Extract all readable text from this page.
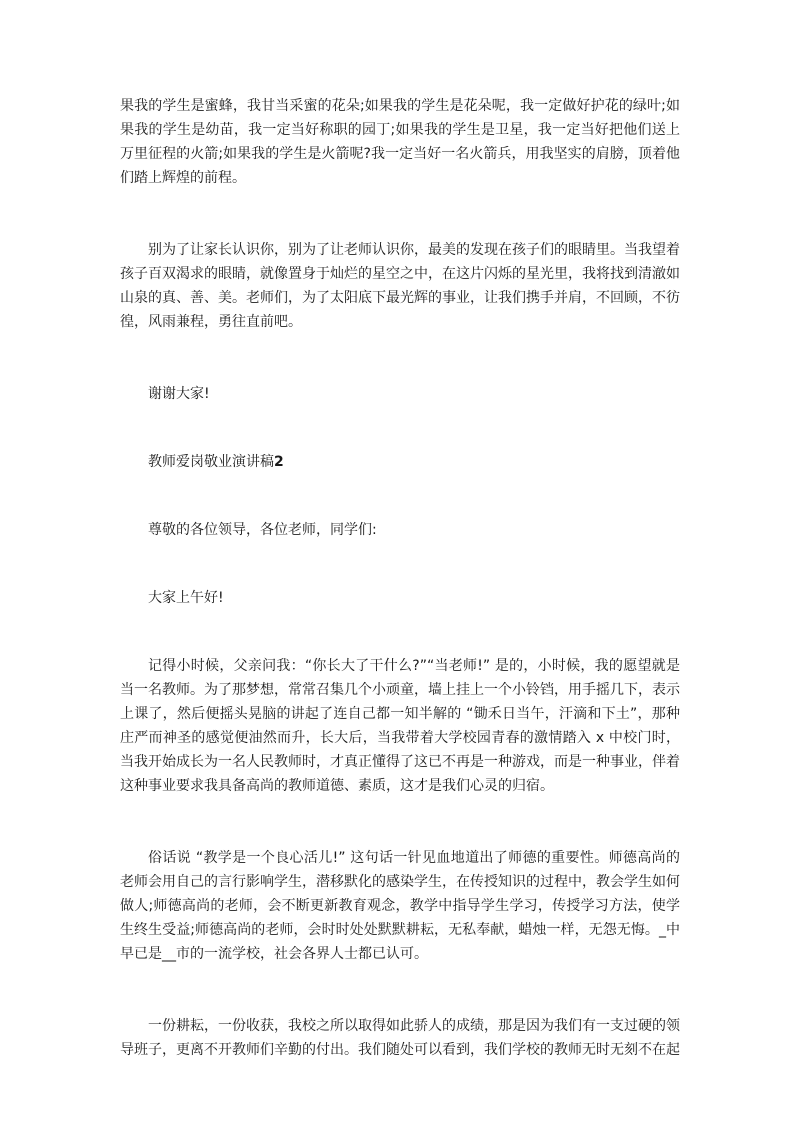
果我的学生是蜜蜂，我甘当采蜜的花朵;如果我的学生是花朵呢，我一定做好护花的绿叶;如果我的学生是幼苗，我一定当好称职的园丁;如果我的学生是卫星，我一定当好把他们送上万里征程的火箭;如果我的学生是火箭呢?我一定当好一名火箭兵，用我坚实的肩膀，顶着他们踏上辉煌的前程。

别为了让家长认识你，别为了让老师认识你，最美的发现在孩子们的眼睛里。当我望着孩子百双渴求的眼睛，就像置身于灿烂的星空之中，在这片闪烁的星光里，我将找到清澈如山泉的真、善、美。老师们，为了太阳底下最光辉的事业，让我们携手并肩，不回顾，不彷徨，风雨兼程，勇往直前吧。

谢谢大家!

教师爱岗敬业演讲稿2

尊敬的各位领导，各位老师，同学们:

大家上午好!

记得小时候，父亲问我：“你长大了干什么?”“当老师!” 是的，小时候，我的愿望就是当一名教师。为了那梦想，常常召集几个小顽童，墙上挂上一个小铃铛，用手摇几下，表示上课了，然后便摇头晃脑的讲起了连自己都一知半解的 “锄禾日当午，汗滴和下土”，那种庄严而神圣的感觉便油然而升，长大后，当我带着大学校园青春的激情踏入 x 中校门时，当我开始成长为一名人民教师时，才真正懂得了这已不再是一种游戏，而是一种事业，伴着这种事业要求我具备高尚的教师道德、素质，这才是我们心灵的归宿。

俗话说 “教学是一个良心活儿!” 这句话一针见血地道出了师德的重要性。师德高尚的老师会用自己的言行影响学生，潜移默化的感染学生，在传授知识的过程中，教会学生如何做人;师德高尚的老师，会不断更新教育观念，教学中指导学生学习，传授学习方法，使学生终生受益;师德高尚的老师，会时时处处默默耕耘，无私奉献，蜡烛一样，无怨无悔。_中早已是__市的一流学校，社会各界人士都已认可。

一份耕耘，一份收获，我校之所以取得如此骄人的成绩，那是因为我们有一支过硬的领导班子，更离不开教师们辛勤的付出。我们随处可以看到，我们学校的教师无时无刻不在起
